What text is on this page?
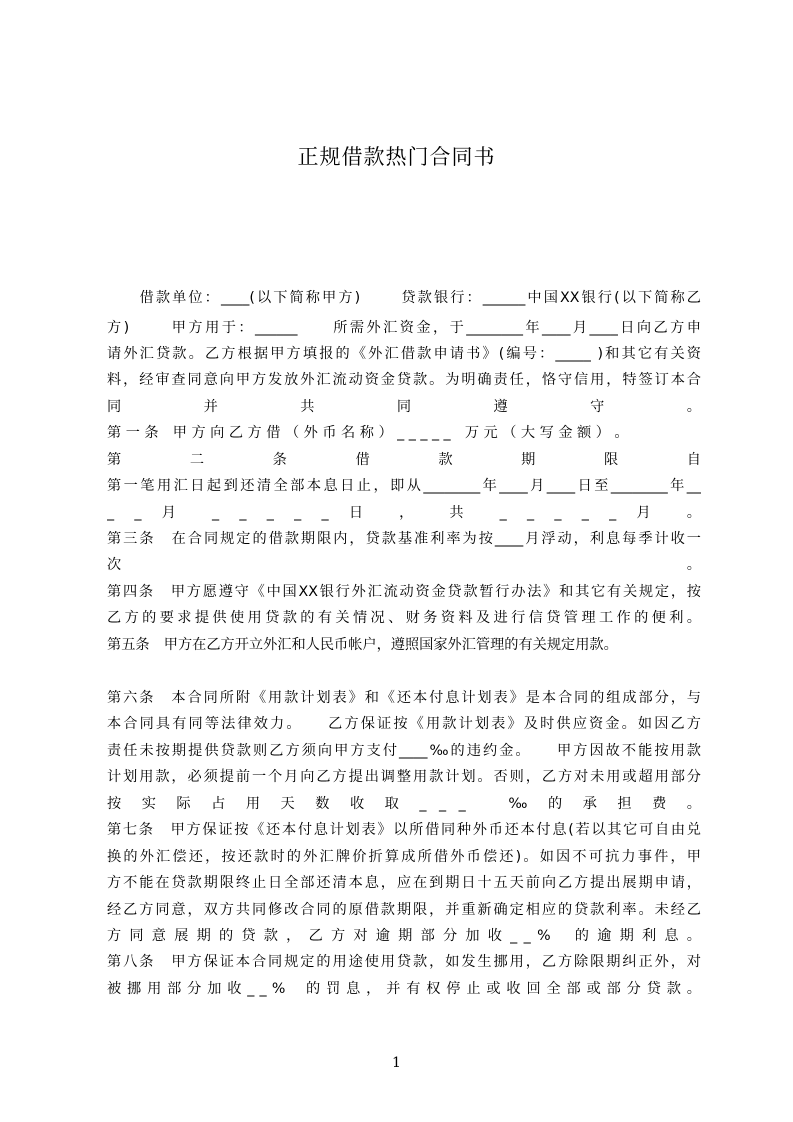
正规借款热门合同书
　　借款单位：____(以下简称甲方)　　 贷款银行：______中国XX银行(以下简称乙
方)　　 甲方用于：______　　所需外汇资金，于________年____月____日向乙方申
请外汇贷款。乙方根据甲方填报的《外汇借款申请书》(编号：_____ )和其它有关资
料，经审查同意向甲方发放外汇流动资金贷款。为明确责任，恪守信用，特签订本合
同 并 共 同 遵 守 。
第 一 条　甲 方 向 乙 方 借 （ 外 币 名 称 ） _ _ _ _ _　万 元 （ 大 写 金 额 ） 。
第 二 条 借 款 期 限 自
第一笔用汇日起到还清全部本息日止，即从________年____月____日至________年__
_ _ 月 _ _ _ _ _ 日 ， 共 _ _ _ _ _ 月 。
第三条　在合同规定的借款期限内，贷款基准利率为按____月浮动，利息每季计收一
次 。
第四条　甲方愿遵守《中国XX银行外汇流动资金贷款暂行办法》和其它有关规定，按
乙方的要求提供使用贷款的有关情况、财务资料及进行信贷管理工作的便利。
第五条　甲方在乙方开立外汇和人民币帐户，遵照国家外汇管理的有关规定用款。
第六条　本合同所附《用款计划表》和《还本付息计划表》是本合同的组成部分，与
本合同具有同等法律效力。　　乙方保证按《用款计划表》及时供应资金。如因乙方
责任未按期提供贷款则乙方须向甲方支付____‰的违约金。　　甲方因故不能按用款
计划用款，必须提前一个月向乙方提出调整用款计划。否则，乙方对未用或超用部分
按 实 际 占 用 天 数 收 取 _ _ _　 ‰ 的 承 担 费 。
第七条　甲方保证按《还本付息计划表》以所借同种外币还本付息(若以其它可自由兑
换的外汇偿还，按还款时的外汇牌价折算成所借外币偿还)。如因不可抗力事件，甲
方不能在贷款期限终止日全部还清本息，应在到期日十五天前向乙方提出展期申请，
经乙方同意，双方共同修改合同的原借款期限，并重新确定相应的贷款利率。未经乙
方 同 意 展 期 的 贷 款 ， 乙 方 对 逾 期 部 分 加 收 _ _ %　 的 逾 期 利 息 。
第八条　甲方保证本合同规定的用途使用贷款，如发生挪用，乙方除限期纠正外，对
被 挪 用 部 分 加 收 _ _ %　 的 罚 息 ， 并 有 权 停 止 或 收 回 全 部 或 部 分 贷 款 。
1
